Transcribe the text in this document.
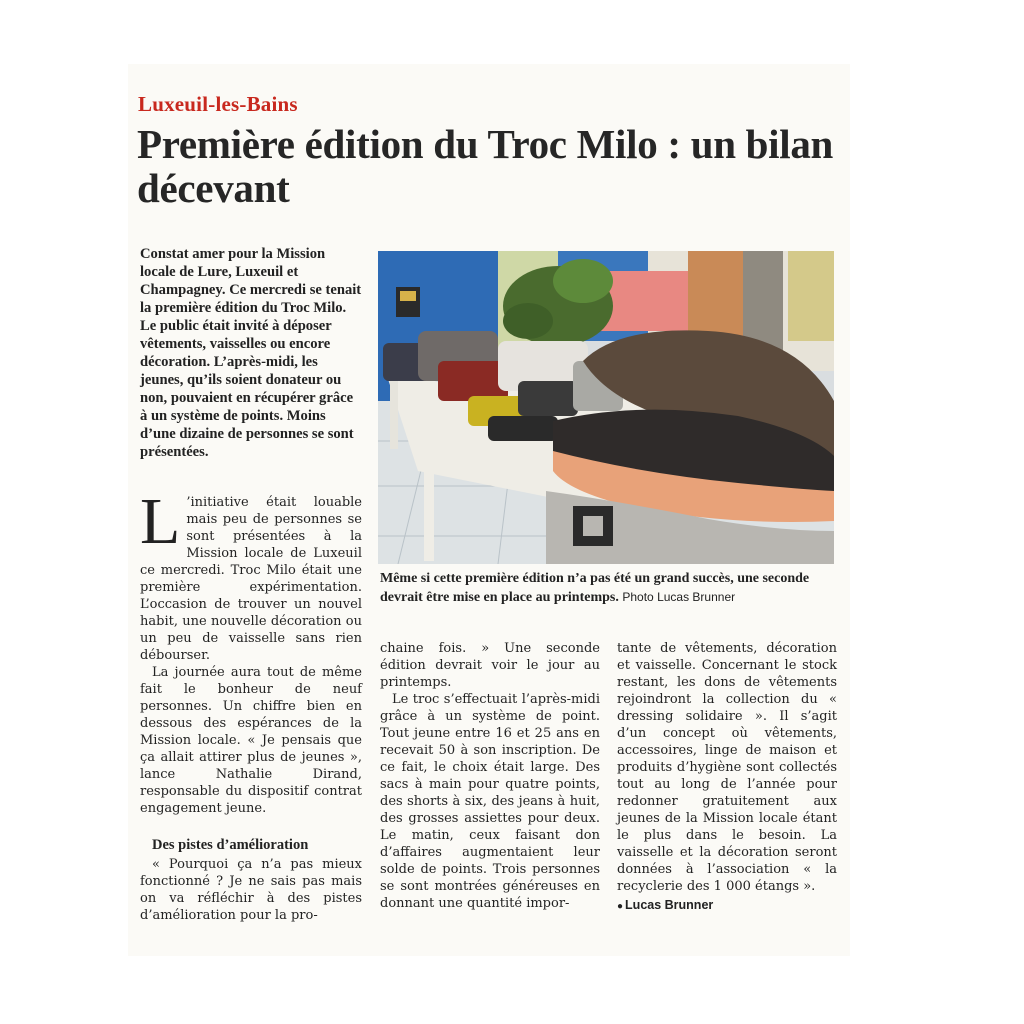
Luxeuil-les-Bains
Première édition du Troc Milo : un bilan décevant

Constat amer pour la Mission locale de Lure, Luxeuil et Champagney. Ce mercredi se tenait la première édition du Troc Milo. Le public était invité à déposer vêtements, vaisselles ou encore décoration. L’après-midi, les jeunes, qu’ils soient donateur ou non, pouvaient en récupérer grâce à un système de points. Moins d’une dizaine de personnes se sont présentées.

Même si cette première édition n’a pas été un grand succès, une seconde devrait être mise en place au printemps. Photo Lucas Brunner

L ’initiative était louable mais peu de personnes se sont présentées à la Mission locale de Luxeuil ce mercredi. Troc Milo était une première expérimentation. L’occasion de trouver un nouvel habit, une nouvelle décoration ou un peu de vaisselle sans rien débourser.

La journée aura tout de même fait le bonheur de neuf personnes. Un chiffre bien en dessous des espérances de la Mission locale. « Je pensais que ça allait attirer plus de jeunes », lance Nathalie Dirand, responsable du dispositif contrat engagement jeune.

Des pistes d’amélioration

« Pourquoi ça n’a pas mieux fonctionné ? Je ne sais pas mais on va réfléchir à des pistes d’amélioration pour la pro-

chaine fois. » Une seconde édition devrait voir le jour au printemps.

Le troc s’effectuait l’après-midi grâce à un système de point. Tout jeune entre 16 et 25 ans en recevait 50 à son inscription. De ce fait, le choix était large. Des sacs à main pour quatre points, des shorts à six, des jeans à huit, des grosses assiettes pour deux. Le matin, ceux faisant don d’affaires augmentaient leur solde de points. Trois personnes se sont montrées généreuses en donnant une quantité impor-

tante de vêtements, décoration et vaisselle. Concernant le stock restant, les dons de vêtements rejoindront la collection du « dressing solidaire ». Il s’agit d’un concept où vêtements, accessoires, linge de maison et produits d’hygiène sont collectés tout au long de l’année pour redonner gratuitement aux jeunes de la Mission locale étant le plus dans le besoin. La vaisselle et la décoration seront données à l’association « la recyclerie des 1 000 étangs ».

● Lucas Brunner
